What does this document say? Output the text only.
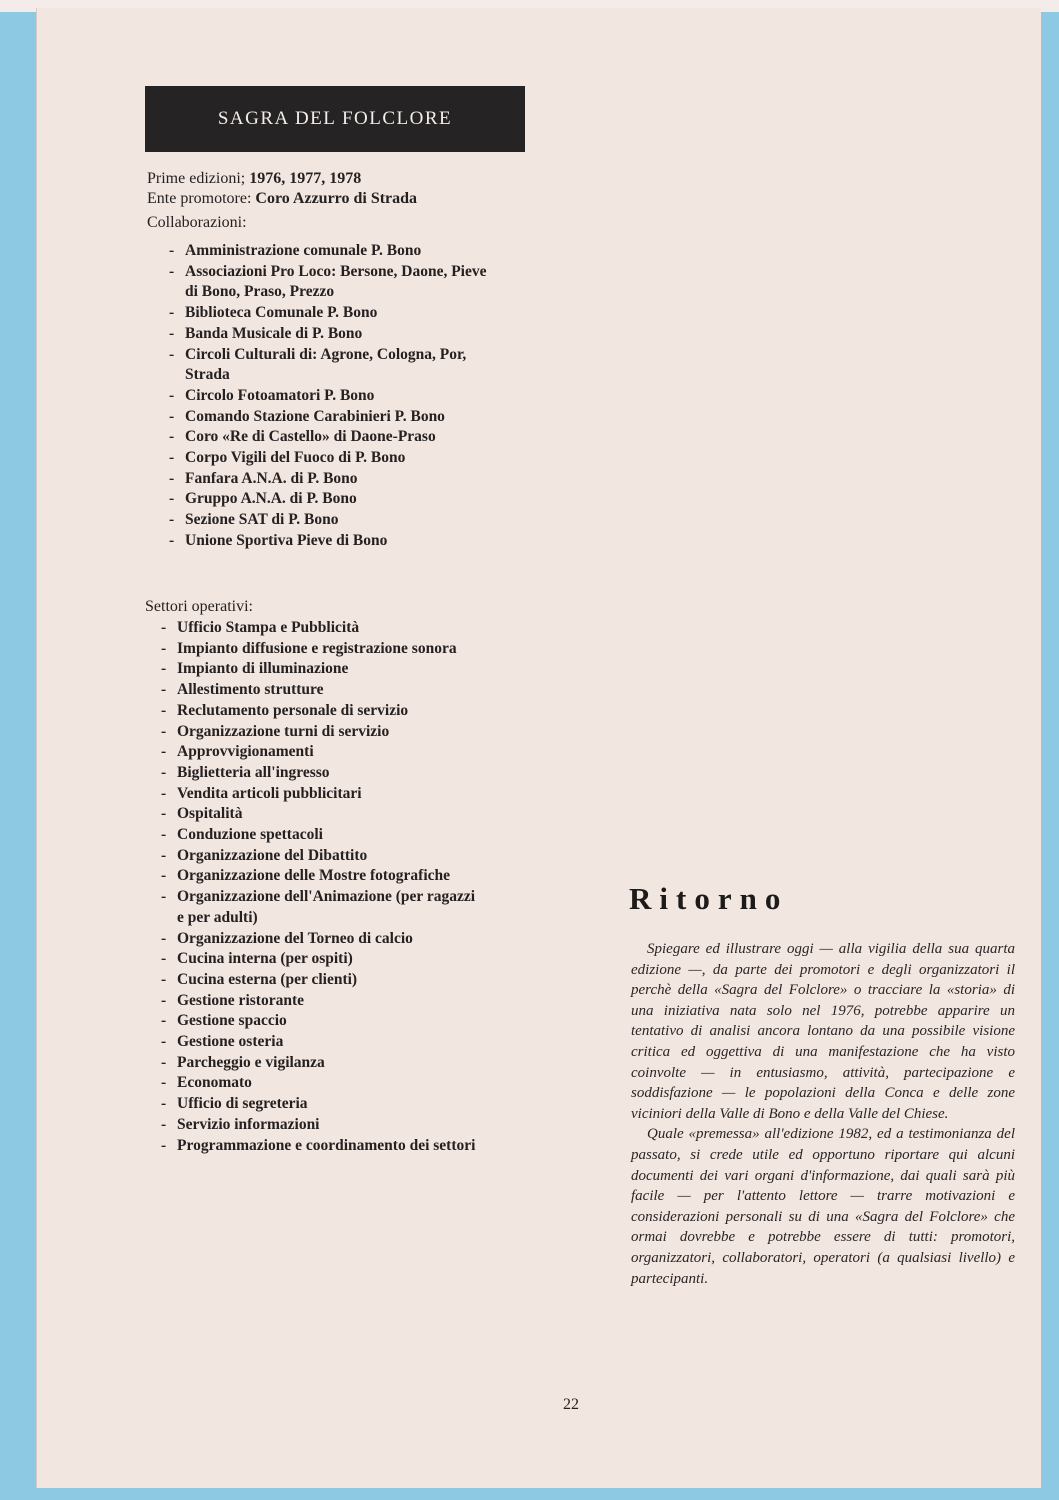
SAGRA DEL FOLCLORE
Prime edizioni; 1976, 1977, 1978
Ente promotore: Coro Azzurro di Strada
Collaborazioni:
- Amministrazione comunale P. Bono
- Associazioni Pro Loco: Bersone, Daone, Pieve di Bono, Praso, Prezzo
- Biblioteca Comunale P. Bono
- Banda Musicale di P. Bono
- Circoli Culturali di: Agrone, Cologna, Por, Strada
- Circolo Fotoamatori P. Bono
- Comando Stazione Carabinieri P. Bono
- Coro «Re di Castello» di Daone-Praso
- Corpo Vigili del Fuoco di P. Bono
- Fanfara A.N.A. di P. Bono
- Gruppo A.N.A. di P. Bono
- Sezione SAT di P. Bono
- Unione Sportiva Pieve di Bono
Settori operativi:
- Ufficio Stampa e Pubblicità
- Impianto diffusione e registrazione sonora
- Impianto di illuminazione
- Allestimento strutture
- Reclutamento personale di servizio
- Organizzazione turni di servizio
- Approvvigionamenti
- Biglietteria all'ingresso
- Vendita articoli pubblicitari
- Ospitalità
- Conduzione spettacoli
- Organizzazione del Dibattito
- Organizzazione delle Mostre fotografiche
- Organizzazione dell'Animazione (per ragazzi e per adulti)
- Organizzazione del Torneo di calcio
- Cucina interna (per ospiti)
- Cucina esterna (per clienti)
- Gestione ristorante
- Gestione spaccio
- Gestione osteria
- Parcheggio e vigilanza
- Economato
- Ufficio di segreteria
- Servizio informazioni
- Programmazione e coordinamento dei settori
Ritorno

Spiegare ed illustrare oggi — alla vigilia della sua quarta edizione —, da parte dei promotori e degli organizzatori il perchè della «Sagra del Folclore» o tracciare la «storia» di una iniziativa nata solo nel 1976, potrebbe apparire un tentativo di analisi ancora lontano da una possibile visione critica ed oggettiva di una manifestazione che ha visto coinvolte — in entusiasmo, attività, partecipazione e soddisfazione — le popolazioni della Conca e delle zone viciniori della Valle di Bono e della Valle del Chiese.

Quale «premessa» all'edizione 1982, ed a testimonianza del passato, si crede utile ed opportuno riportare qui alcuni documenti dei vari organi d'informazione, dai quali sarà più facile — per l'attento lettore — trarre motivazioni e considerazioni personali su di una «Sagra del Folclore» che ormai dovrebbe e potrebbe essere di tutti: promotori, organizzatori, collaboratori, operatori (a qualsiasi livello) e partecipanti.

22
